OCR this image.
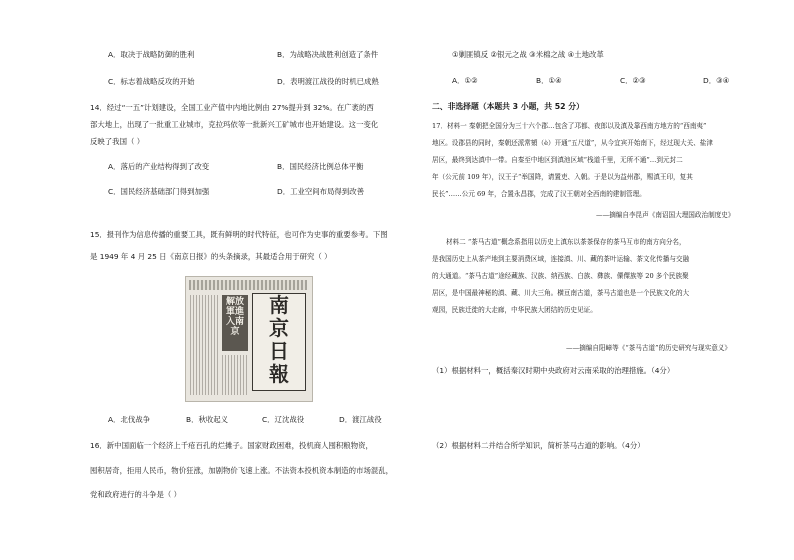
A．取决于战略防御的胜利	B．为战略决战胜利创造了条件
C．标志着战略反攻的开始	D．表明渡江战役的时机已成熟
14．经过“一五”计划建设，全国工业产值中内地比例由 27%提升到 32%。在广袤的西
部大地上，出现了一批重工业城市，克拉玛依等一批新兴工矿城市也开始建设。这一变化
反映了我国（ ）
A．落后的产业结构得到了改变	B．国民经济比例总体平衡
C．国民经济基础部门得到加强	D．工业空间布局得到改善
15．报刊作为信息传播的重要工具，既有鲜明的时代特征，也可作为史事的重要参考。下图
是 1949 年 4 月 25 日《南京日报》的头条摘录，其最适合用于研究（ ）
解放軍進入南京
南
京
日
報
A．北伐战争	B．秋收起义	C．辽沈战役	D．渡江战役
16．新中国面临一个经济上千疮百孔的烂摊子。国家财政困难，投机商人囤积粮物资，
囤积居奇，拒用人民币，物价狂涨，加剧物价飞速上涨。不法资本投机资本制造的市场混乱，
党和政府进行的斗争是（ ）
①剿匪镇反 ②银元之战 ③米棉之战 ④土地改革
A．①②	B．①④	C．②③	D．③④
二、非选择题（本题共 3 小题，共 52 分）
17．材料一 秦朝把全国分为三十六个郡…包含了邛都、夜郎以及滇及靠西南方地方的“西南夷”
地区。设郡县的同时，秦朝还派常頞（è）开通“五尺道”，从今宜宾开始南下，经过现大关、盐津
居区，最终到达滇中一带。自秦至中地区到滇池区域“栈道千里，无所不通”…到元封二
年（公元前 109 年），汉王子“举国降，请置吏、入朝。于是以为益州郡，赐滇王印，复其
民长”……公元 69 年，合置永昌郡，完成了汉王朝对全西南的建制管理。
——摘编自李昆声《南诏国大理国政治制度史》
材料二 “茶马古道”概念系指用以历史上滇东以茶茶保存的茶马互市的南方向分名，
是我国历史上从茶产地到主要消费区域，连接滇、川、藏的茶叶运输、茶文化传播与交融
的大通道。“茶马古道”途经藏族、汉族、纳西族、白族、彝族、傈僳族等 20 多个民族聚
居区，是中国最神秘的滇、藏、川大三角。横亘南古道，茶马古道也是一个民族文化的大
观园，民族迁徙的大走廊，中华民族大团结的历史见证。
——摘编自阳嶂等《“茶马古道”的历史研究与现实意义》
（1）根据材料一，概括秦汉时期中央政府对云南采取的治理措施。（4分）
（2）根据材料二并结合所学知识，简析茶马古道的影响。（4分）
